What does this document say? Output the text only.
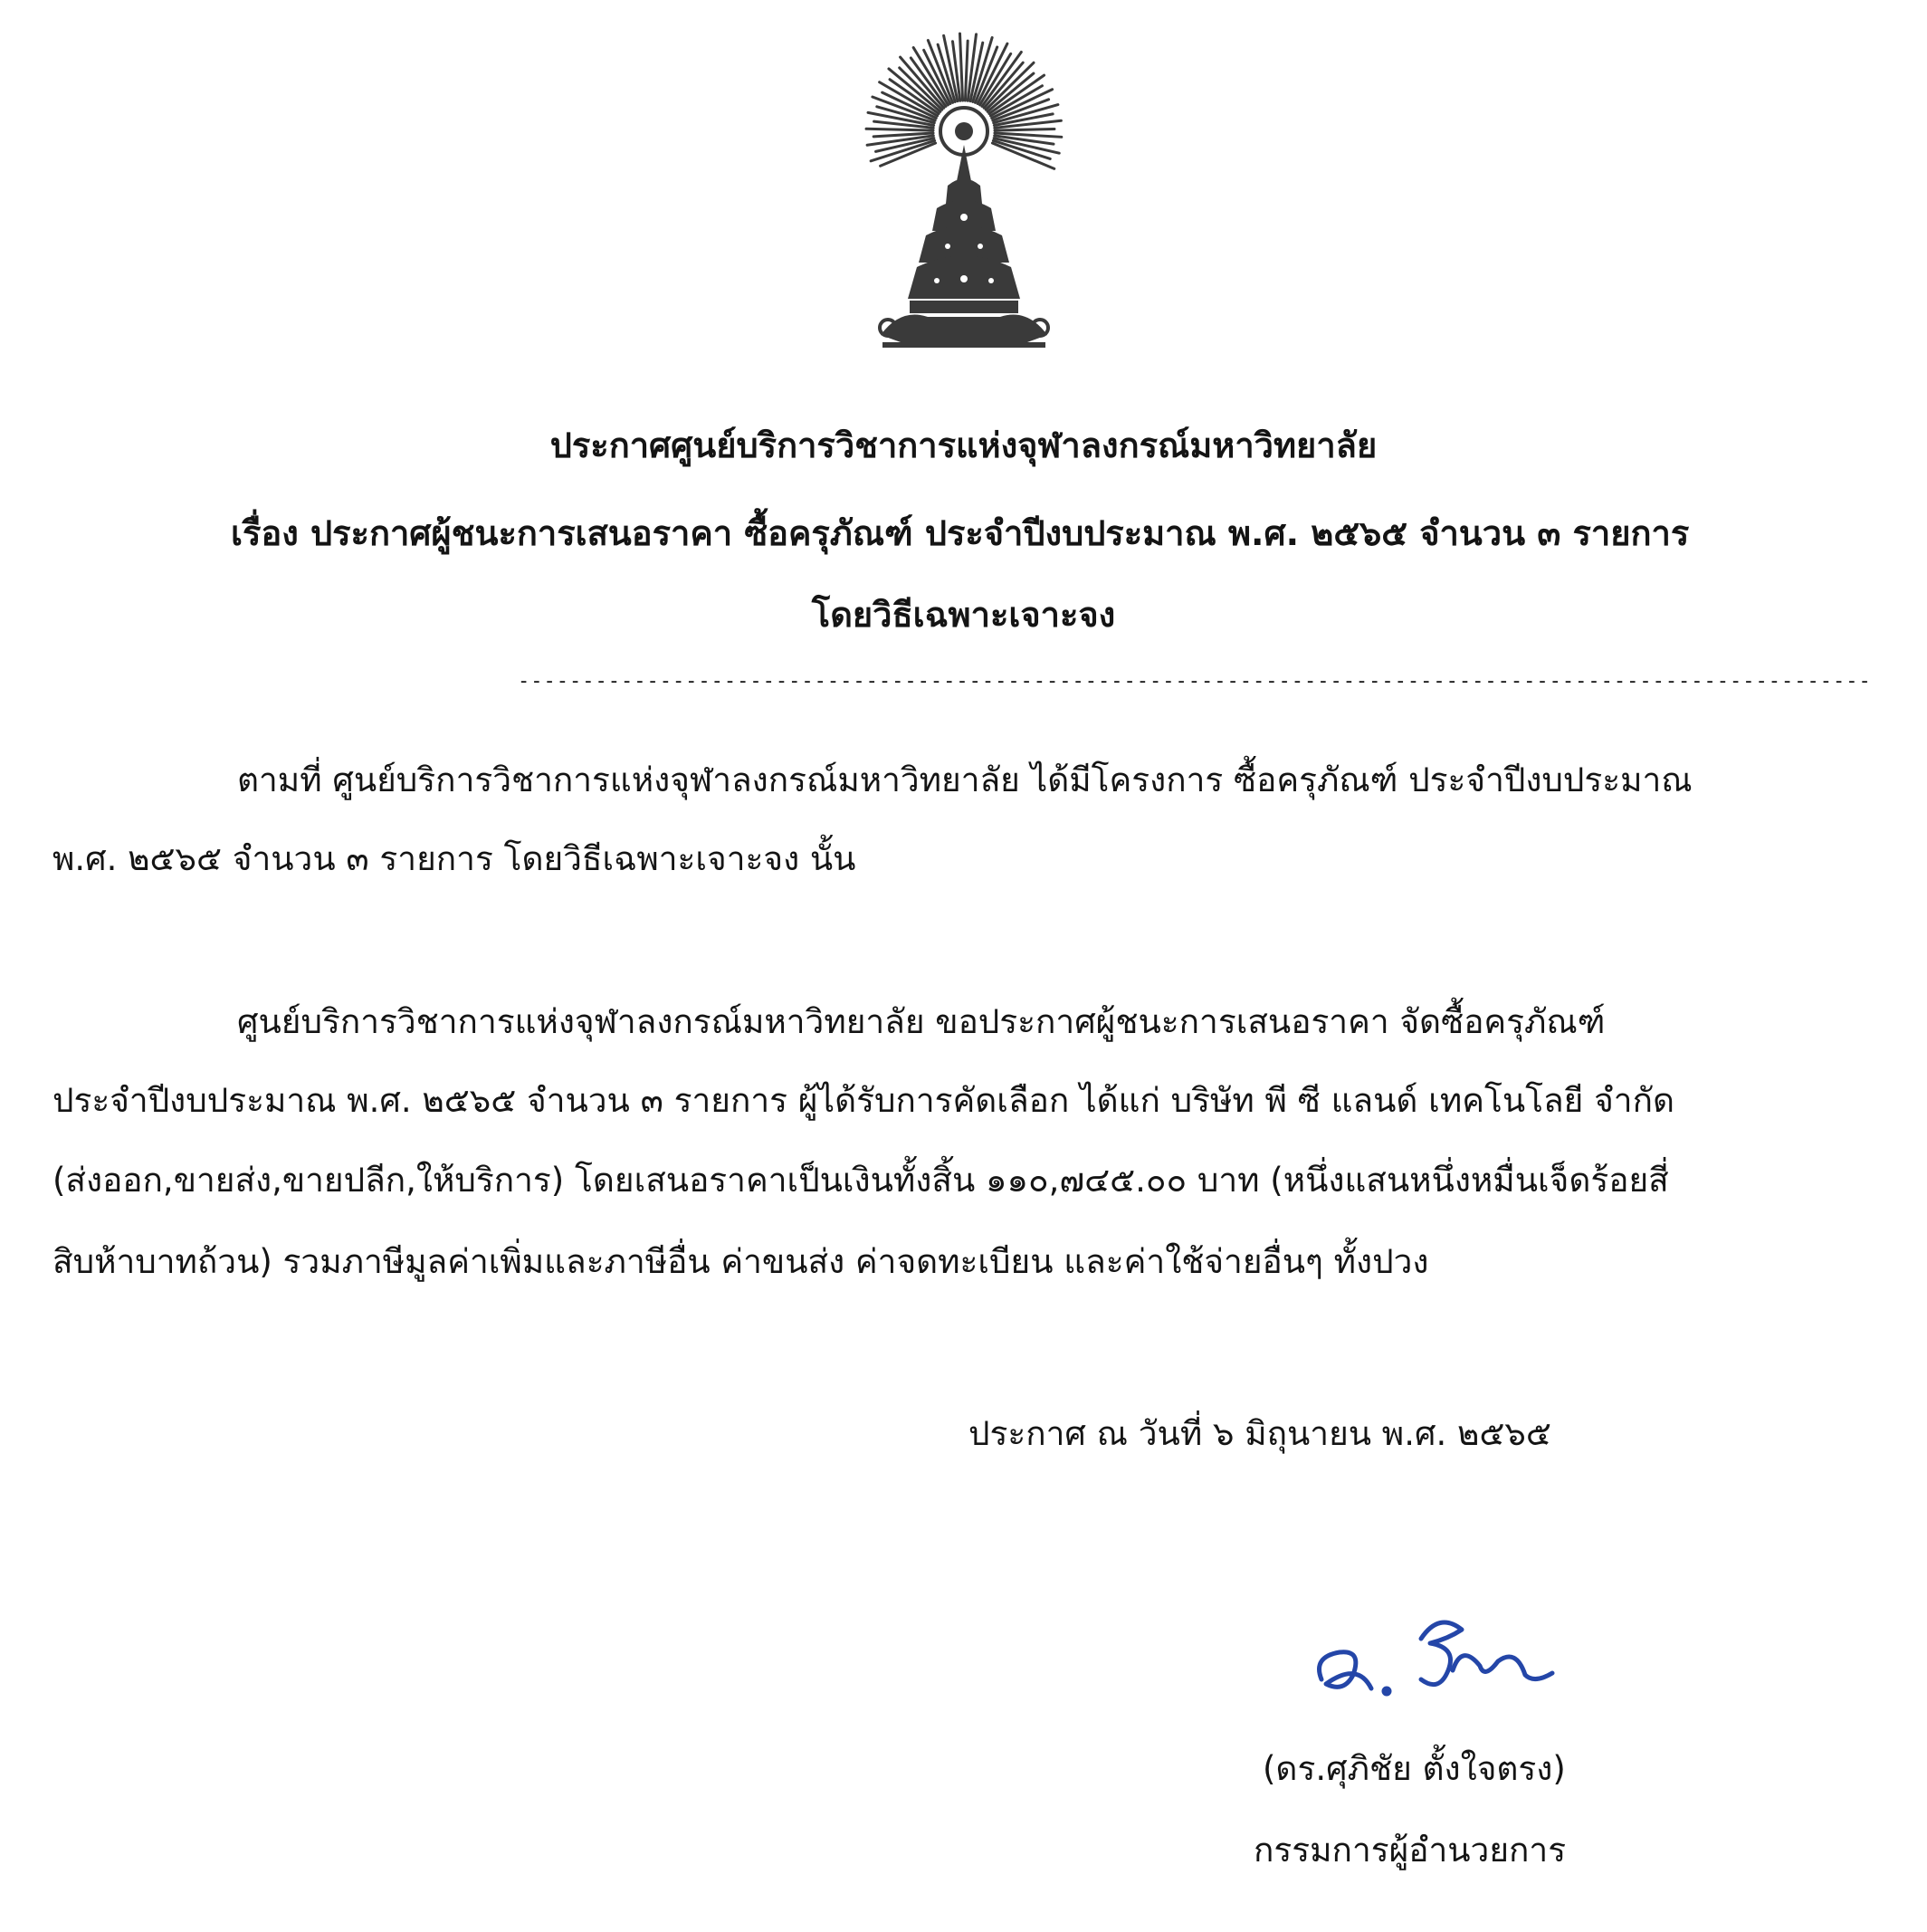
ประกาศศูนย์บริการวิชาการแห่งจุฬาลงกรณ์มหาวิทยาลัย
เรื่อง ประกาศผู้ชนะการเสนอราคา ซื้อครุภัณฑ์ ประจำปีงบประมาณ พ.ศ. ๒๕๖๕ จำนวน ๓ รายการ
โดยวิธีเฉพาะเจาะจง
---------------------------------------------------------------------------------------------------------
ตามที่ ศูนย์บริการวิชาการแห่งจุฬาลงกรณ์มหาวิทยาลัย ได้มีโครงการ ซื้อครุภัณฑ์ ประจำปีงบประมาณ
พ.ศ. ๒๕๖๕ จำนวน ๓ รายการ โดยวิธีเฉพาะเจาะจง นั้น
ศูนย์บริการวิชาการแห่งจุฬาลงกรณ์มหาวิทยาลัย ขอประกาศผู้ชนะการเสนอราคา จัดซื้อครุภัณฑ์
ประจำปีงบประมาณ พ.ศ. ๒๕๖๕ จำนวน ๓ รายการ ผู้ได้รับการคัดเลือก ได้แก่ บริษัท พี ซี แลนด์ เทคโนโลยี จำกัด
(ส่งออก,ขายส่ง,ขายปลีก,ให้บริการ) โดยเสนอราคาเป็นเงินทั้งสิ้น ๑๑๐,๗๔๕.๐๐ บาท (หนึ่งแสนหนึ่งหมื่นเจ็ดร้อยสี่
สิบห้าบาทถ้วน) รวมภาษีมูลค่าเพิ่มและภาษีอื่น ค่าขนส่ง ค่าจดทะเบียน และค่าใช้จ่ายอื่นๆ ทั้งปวง
ประกาศ ณ วันที่ ๖ มิถุนายน พ.ศ. ๒๕๖๕
(ดร.ศุภิชัย ตั้งใจตรง)
กรรมการผู้อำนวยการ
